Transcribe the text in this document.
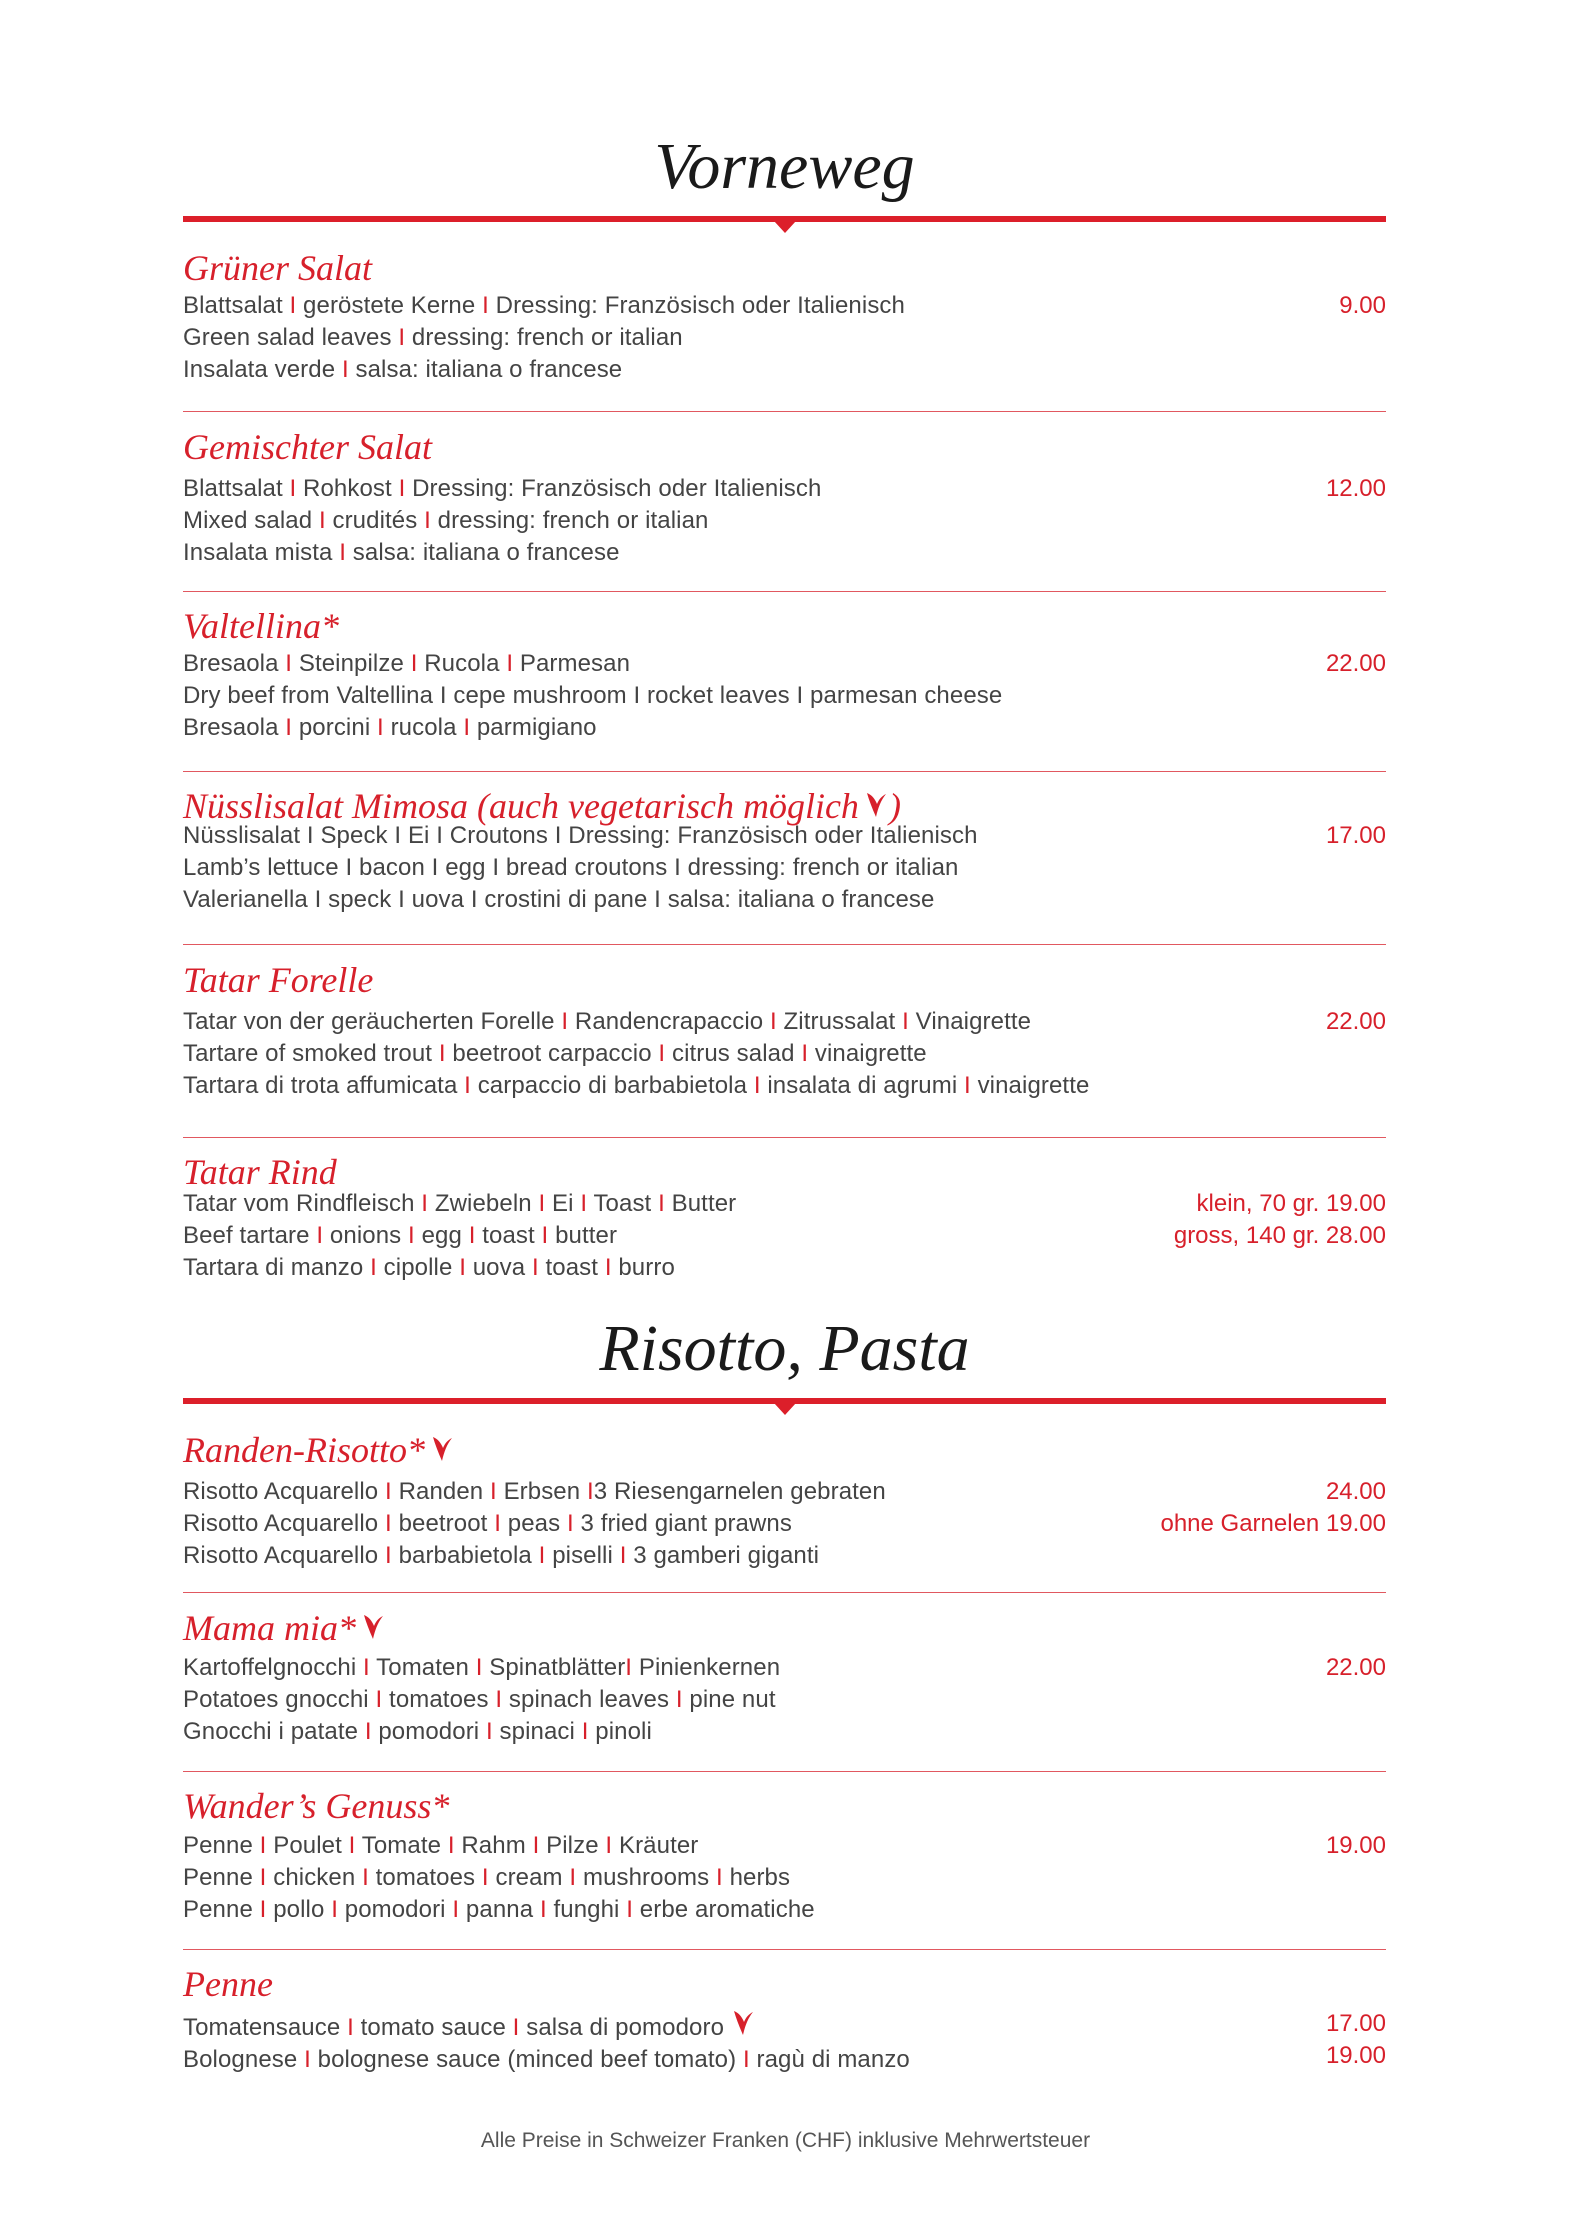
Vorneweg
Grüner Salat
Blattsalat I geröstete Kerne I Dressing: Französisch oder Italienisch
Green salad leaves I dressing: french or italian
Insalata verde I salsa: italiana o francese
9.00
Gemischter Salat
Blattsalat I Rohkost I Dressing: Französisch oder Italienisch
Mixed salad I crudités I dressing: french or italian
Insalata mista I salsa: italiana o francese
12.00
Valtellina*
Bresaola I Steinpilze I Rucola I Parmesan
Dry beef from Valtellina I cepe mushroom I rocket leaves I parmesan cheese
Bresaola I porcini I rucola I parmigiano
22.00
Nüsslisalat Mimosa (auch vegetarisch möglich )
Nüsslisalat I Speck I Ei I Croutons I Dressing: Französisch oder Italienisch
Lamb’s lettuce I bacon I egg I bread croutons I dressing: french or italian
Valerianella I speck I uova I crostini di pane I salsa: italiana o francese
17.00
Tatar Forelle
Tatar von der geräucherten Forelle I Randencrapaccio I Zitrussalat I Vinaigrette
Tartare of smoked trout I beetroot carpaccio I citrus salad I vinaigrette
Tartara di trota affumicata I carpaccio di barbabietola I insalata di agrumi I vinaigrette
22.00
Tatar Rind
Tatar vom Rindfleisch I Zwiebeln I Ei I Toast I Butter
Beef tartare I onions I egg I toast I butter
Tartara di manzo I cipolle I uova I toast I burro
klein, 70 gr. 19.00
gross, 140 gr. 28.00
Risotto, Pasta
Randen-Risotto*
Risotto Acquarello I Randen I Erbsen I3 Riesengarnelen gebraten
Risotto Acquarello I beetroot I peas I 3 fried giant prawns
Risotto Acquarello I barbabietola I piselli I 3 gamberi giganti
24.00
ohne Garnelen 19.00
Mama mia*
Kartoffelgnocchi I Tomaten I SpinatblätterI Pinienkernen
Potatoes gnocchi I tomatoes I spinach leaves I pine nut
Gnocchi i patate I pomodori I spinaci I pinoli
22.00
Wander’s Genuss*
Penne I Poulet I Tomate I Rahm I Pilze I Kräuter
Penne I chicken I tomatoes I cream I mushrooms I herbs
Penne I pollo I pomodori I panna I funghi I erbe aromatiche
19.00
Penne
Tomatensauce I tomato sauce I salsa di pomodoro
Bolognese I bolognese sauce (minced beef tomato) I ragù di manzo
17.00
19.00
Alle Preise in Schweizer Franken (CHF) inklusive Mehrwertsteuer
